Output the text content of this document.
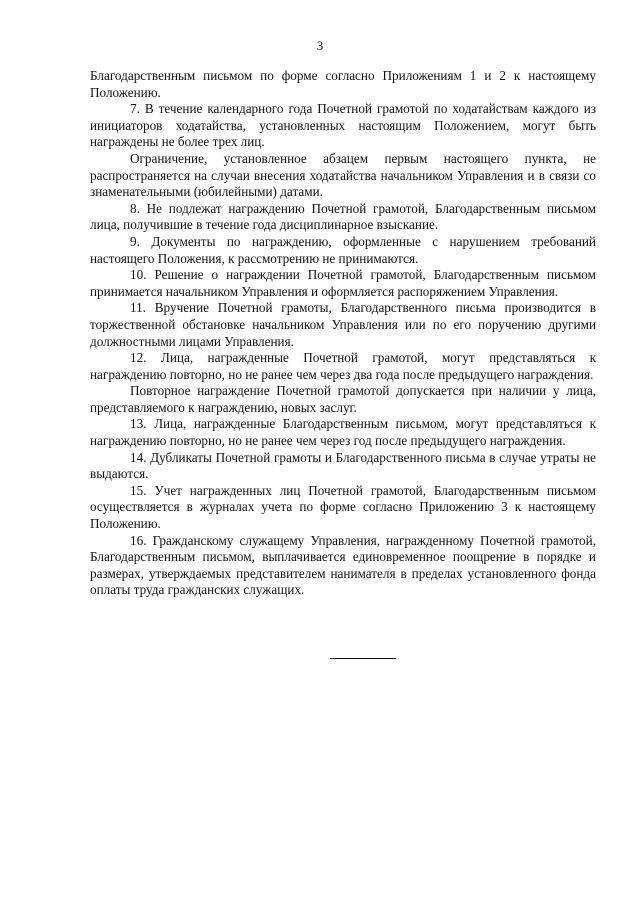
3

Благодарственным письмом по форме согласно Приложениям 1 и 2 к настоящему Положению.

7. В течение календарного года Почетной грамотой по ходатайствам каждого из инициаторов ходатайства, установленных настоящим Положением, могут быть награждены не более трех лиц.

Ограничение, установленное абзацем первым настоящего пункта, не распространяется на случаи внесения ходатайства начальником Управления и в связи со знаменательными (юбилейными) датами.

8. Не подлежат награждению Почетной грамотой, Благодарственным письмом лица, получившие в течение года дисциплинарное взыскание.

9. Документы по награждению, оформленные с нарушением требований настоящего Положения, к рассмотрению не принимаются.

10. Решение о награждении Почетной грамотой, Благодарственным письмом принимается начальником Управления и оформляется распоряжением Управления.

11. Вручение Почетной грамоты, Благодарственного письма производится в торжественной обстановке начальником Управления или по его поручению другими должностными лицами Управления.

12. Лица, награжденные Почетной грамотой, могут представляться к награждению повторно, но не ранее чем через два года после предыдущего награждения.

Повторное награждение Почетной грамотой допускается при наличии у лица, представляемого к награждению, новых заслуг.

13. Лица, награжденные Благодарственным письмом, могут представляться к награждению повторно, но не ранее чем через год после предыдущего награждения.

14. Дубликаты Почетной грамоты и Благодарственного письма в случае утраты не выдаются.

15. Учет награжденных лиц Почетной грамотой, Благодарственным письмом осуществляется в журналах учета по форме согласно Приложению 3 к настоящему Положению.

16. Гражданскому служащему Управления, награжденному Почетной грамотой, Благодарственным письмом, выплачивается единовременное поощрение в порядке и размерах, утверждаемых представителем нанимателя в пределах установленного фонда оплаты труда гражданских служащих.
